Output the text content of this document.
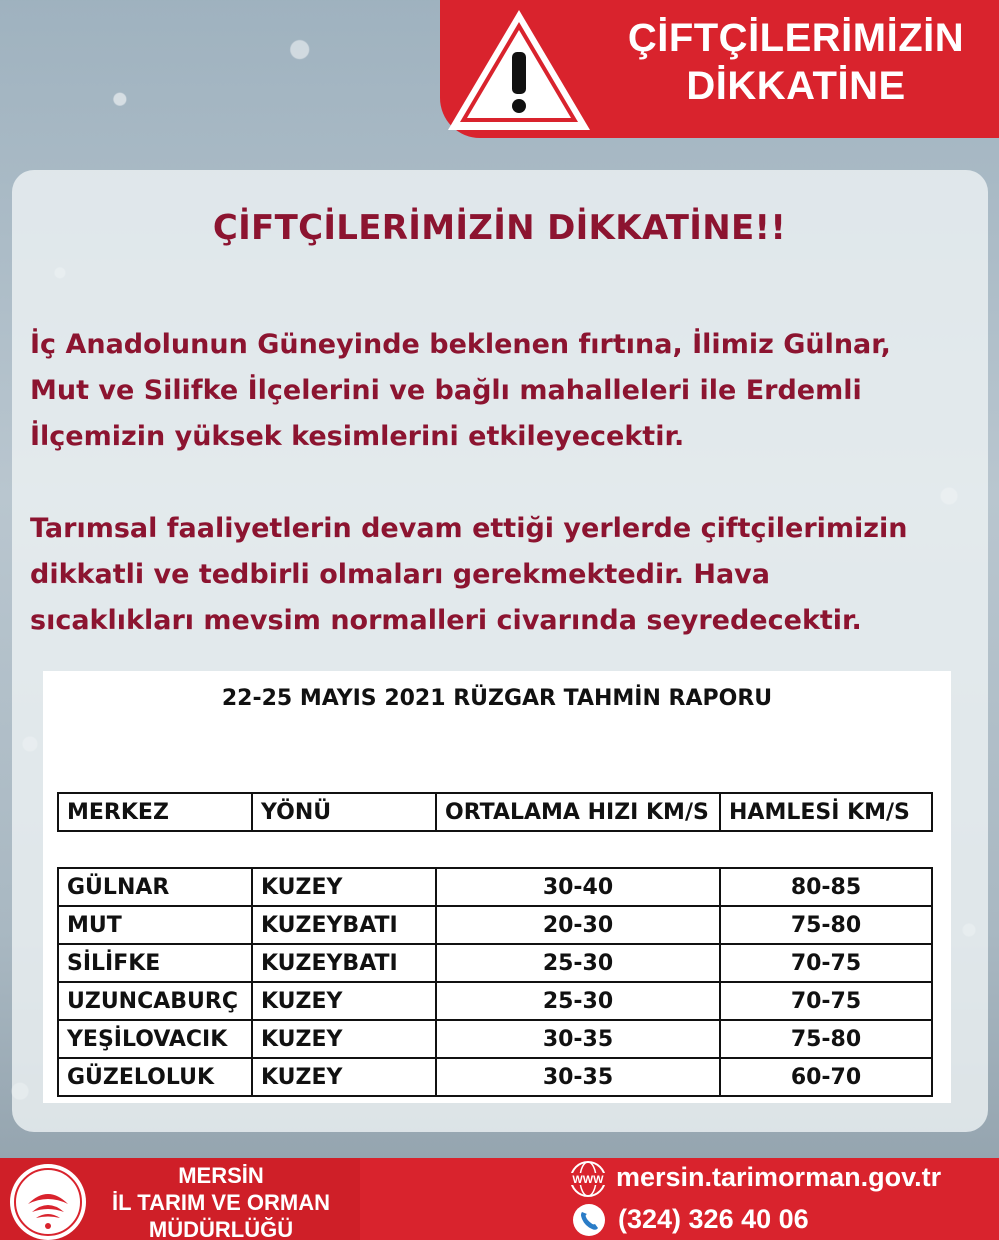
ÇİFTÇİLERİMİZİN
DİKKATİNE
ÇİFTÇİLERİMİZİN DİKKATİNE!!
İç Anadolunun Güneyinde beklenen fırtına, İlimiz Gülnar,
Mut ve Silifke İlçelerini ve bağlı mahalleleri ile Erdemli
İlçemizin yüksek kesimlerini etkileyecektir.
Tarımsal faaliyetlerin devam ettiği yerlerde çiftçilerimizin
dikkatli ve tedbirli olmaları gerekmektedir. Hava
sıcaklıkları mevsim normalleri civarında seyredecektir.
22-25 MAYIS 2021 RÜZGAR TAHMİN RAPORU
MERKEZ	YÖNÜ	ORTALAMA HIZI KM/S	HAMLESİ KM/S
GÜLNAR	KUZEY	30-40	80-85
MUT	KUZEYBATI	20-30	75-80
SİLİFKE	KUZEYBATI	25-30	70-75
UZUNCABURÇ	KUZEY	25-30	70-75
YEŞİLOVACIK	KUZEY	30-35	75-80
GÜZELOLUK	KUZEY	30-35	60-70
MERSİN
İL TARIM VE ORMAN
MÜDÜRLÜĞÜ
WWW mersin.tarimorman.gov.tr
(324) 326 40 06
